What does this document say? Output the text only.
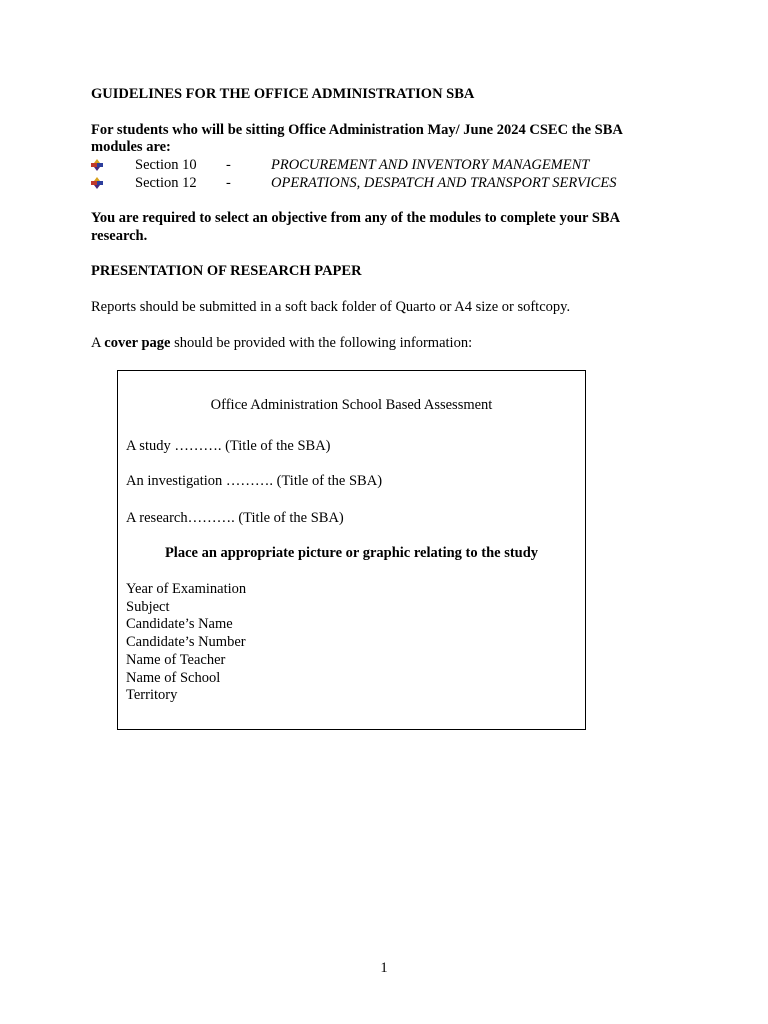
GUIDELINES FOR THE OFFICE ADMINISTRATION SBA
For students who will be sitting Office Administration May/ June 2024 CSEC the SBA
modules are:
Section 10 -	PROCUREMENT AND INVENTORY MANAGEMENT
Section 12 -	OPERATIONS, DESPATCH AND TRANSPORT SERVICES
You are required to select an objective from any of the modules to complete your SBA
research.
PRESENTATION OF RESEARCH PAPER
Reports should be submitted in a soft back folder of Quarto or A4 size or softcopy.
A cover page should be provided with the following information:
Office Administration School Based Assessment
A study ………. (Title of the SBA)
An investigation ………. (Title of the SBA)
A research………. (Title of the SBA)
Place an appropriate picture or graphic relating to the study
Year of Examination
Subject
Candidate’s Name
Candidate’s Number
Name of Teacher
Name of School
Territory
1
